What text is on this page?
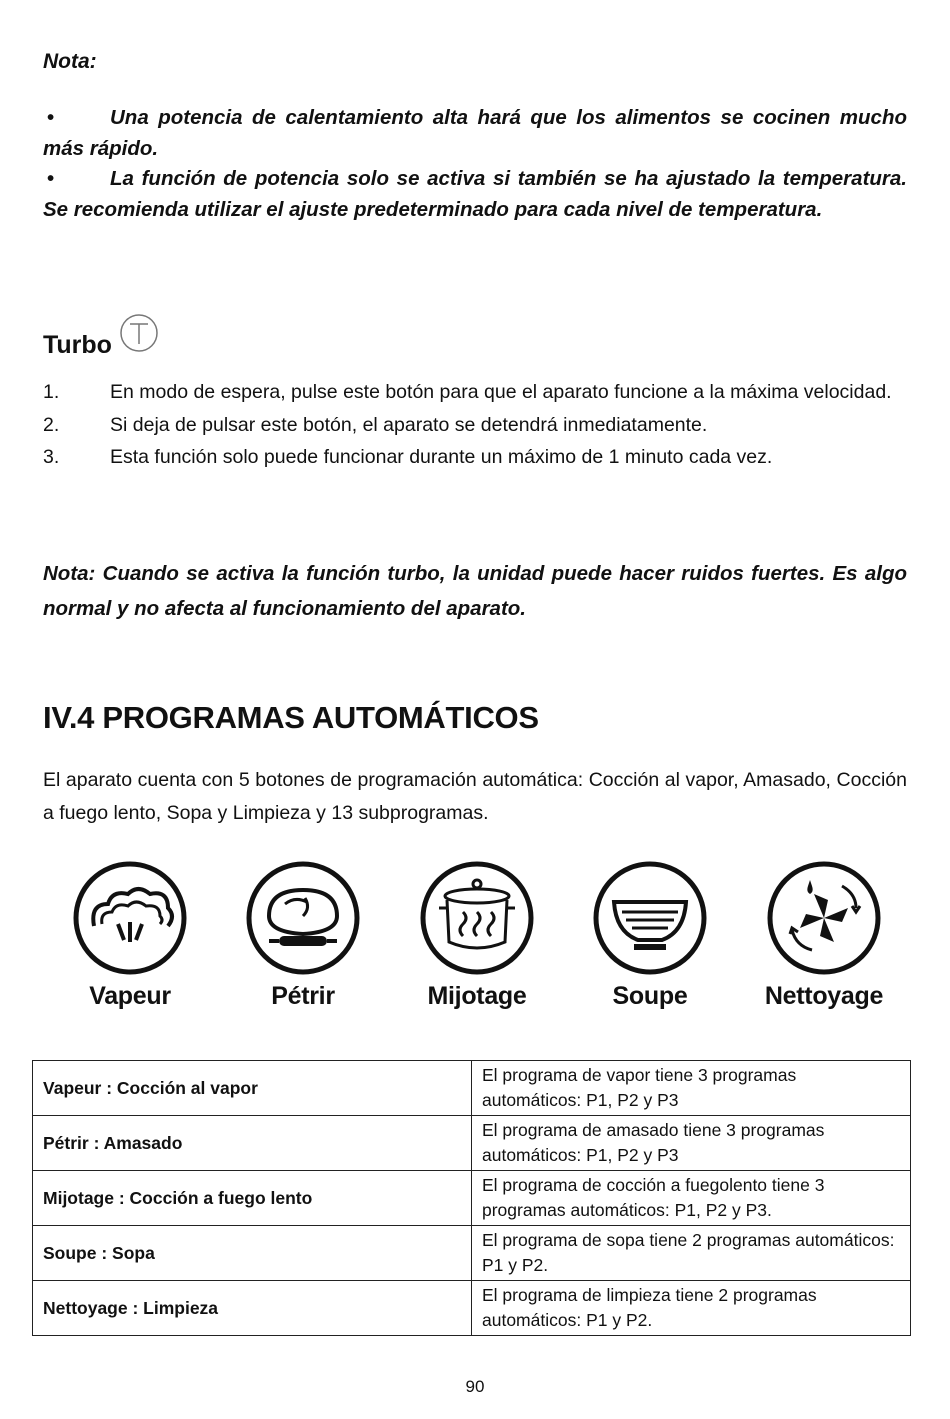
Nota:
•	Una potencia de calentamiento alta hará que los alimentos se cocinen mucho más rápido.
•	La función de potencia solo se activa si también se ha ajustado la temperatura. Se recomienda utilizar el ajuste predeterminado para cada nivel de temperatura.
Turbo
1.	En modo de espera, pulse este botón para que el aparato funcione a la máxima velocidad.
2.	Si deja de pulsar este botón, el aparato se detendrá inmediatamente.
3.	Esta función solo puede funcionar durante un máximo de 1 minuto cada vez.
Nota: Cuando se activa la función turbo, la unidad puede hacer ruidos fuertes. Es algo normal y no afecta al funcionamiento del aparato.
IV.4 PROGRAMAS AUTOMÁTICOS
El aparato cuenta con 5 botones de programación automática: Cocción al vapor, Amasado, Cocción a fuego lento, Sopa y Limpieza y 13 subprogramas.
Vapeur	Pétrir	Mijotage	Soupe	Nettoyage
Vapeur : Cocción al vapor	El programa de vapor tiene 3 programas automáticos: P1, P2 y P3
Pétrir : Amasado	El programa de amasado tiene 3 programas automáticos: P1, P2 y P3
Mijotage : Cocción a fuego lento	El programa de cocción a fuegolento tiene 3 programas automáticos: P1, P2 y P3.
Soupe : Sopa	El programa de sopa tiene 2 programas automáticos: P1 y P2.
Nettoyage : Limpieza	El programa de limpieza tiene 2 programas automáticos: P1 y P2.
90
